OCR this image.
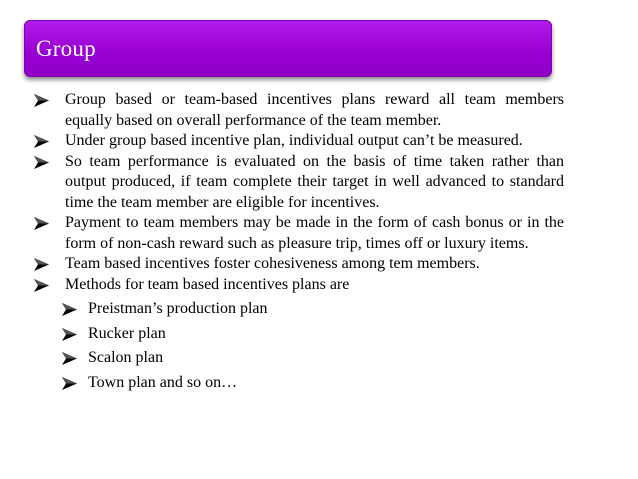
Group

Group based or team-based incentives plans reward all team members equally based on overall performance of the team member.

Under group based incentive plan, individual output can’t be measured.

So team performance is evaluated on the basis of time taken rather than output produced, if team complete their target in well advanced to standard time the team member are eligible for incentives.

Payment to team members may be made in the form of cash bonus or in the form of non-cash reward such as pleasure trip, times off or luxury items.

Team based incentives foster cohesiveness among tem members.

Methods for team based incentives plans are

Preistman’s production plan

Rucker plan

Scalon plan

Town plan and so on…
